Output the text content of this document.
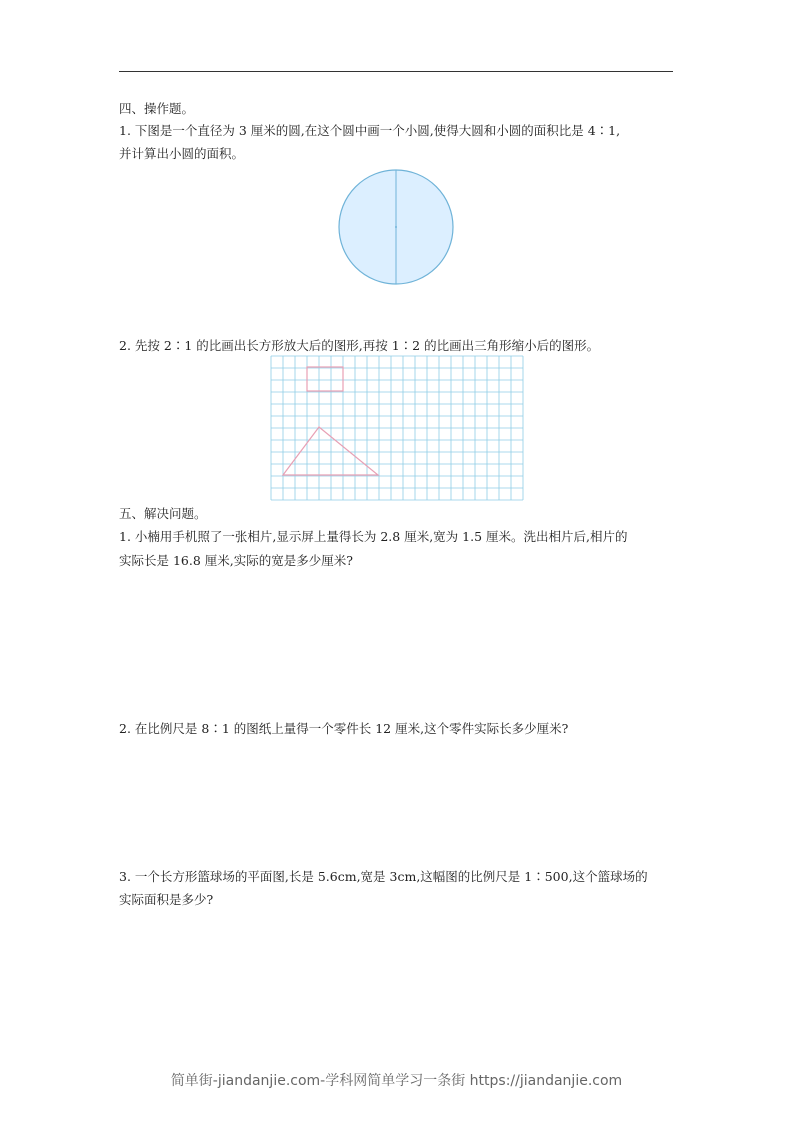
四、操作题。
1. 下图是一个直径为 3 厘米的圆,在这个圆中画一个小圆,使得大圆和小圆的面积比是 4∶1,
并计算出小圆的面积。
2. 先按 2∶1 的比画出长方形放大后的图形,再按 1∶2 的比画出三角形缩小后的图形。
五、解决问题。
1. 小楠用手机照了一张相片,显示屏上量得长为 2.8 厘米,宽为 1.5 厘米。洗出相片后,相片的
实际长是 16.8 厘米,实际的宽是多少厘米?
2. 在比例尺是 8∶1 的图纸上量得一个零件长 12 厘米,这个零件实际长多少厘米?
3. 一个长方形篮球场的平面图,长是 5.6cm,宽是 3cm,这幅图的比例尺是 1∶500,这个篮球场的
实际面积是多少?
简单街-jiandanjie.com-学科网简单学习一条街 https://jiandanjie.com
